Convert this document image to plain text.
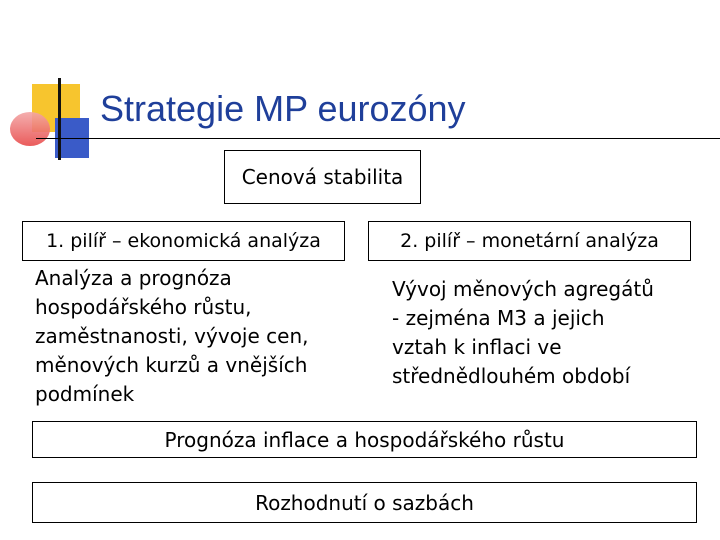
Strategie MP eurozóny
Cenová stabilita
1. pilíř – ekonomická analýza	2. pilíř – monetární analýza
Analýza a prognóza
hospodářského růstu,
zaměstnanosti, vývoje cen,
měnových kurzů a vnějších
podmínek
Vývoj měnových agregátů
- zejména M3 a jejich
vztah k inflaci ve
střednědlouhém období
Prognóza inflace a hospodářského růstu
Rozhodnutí o sazbách
